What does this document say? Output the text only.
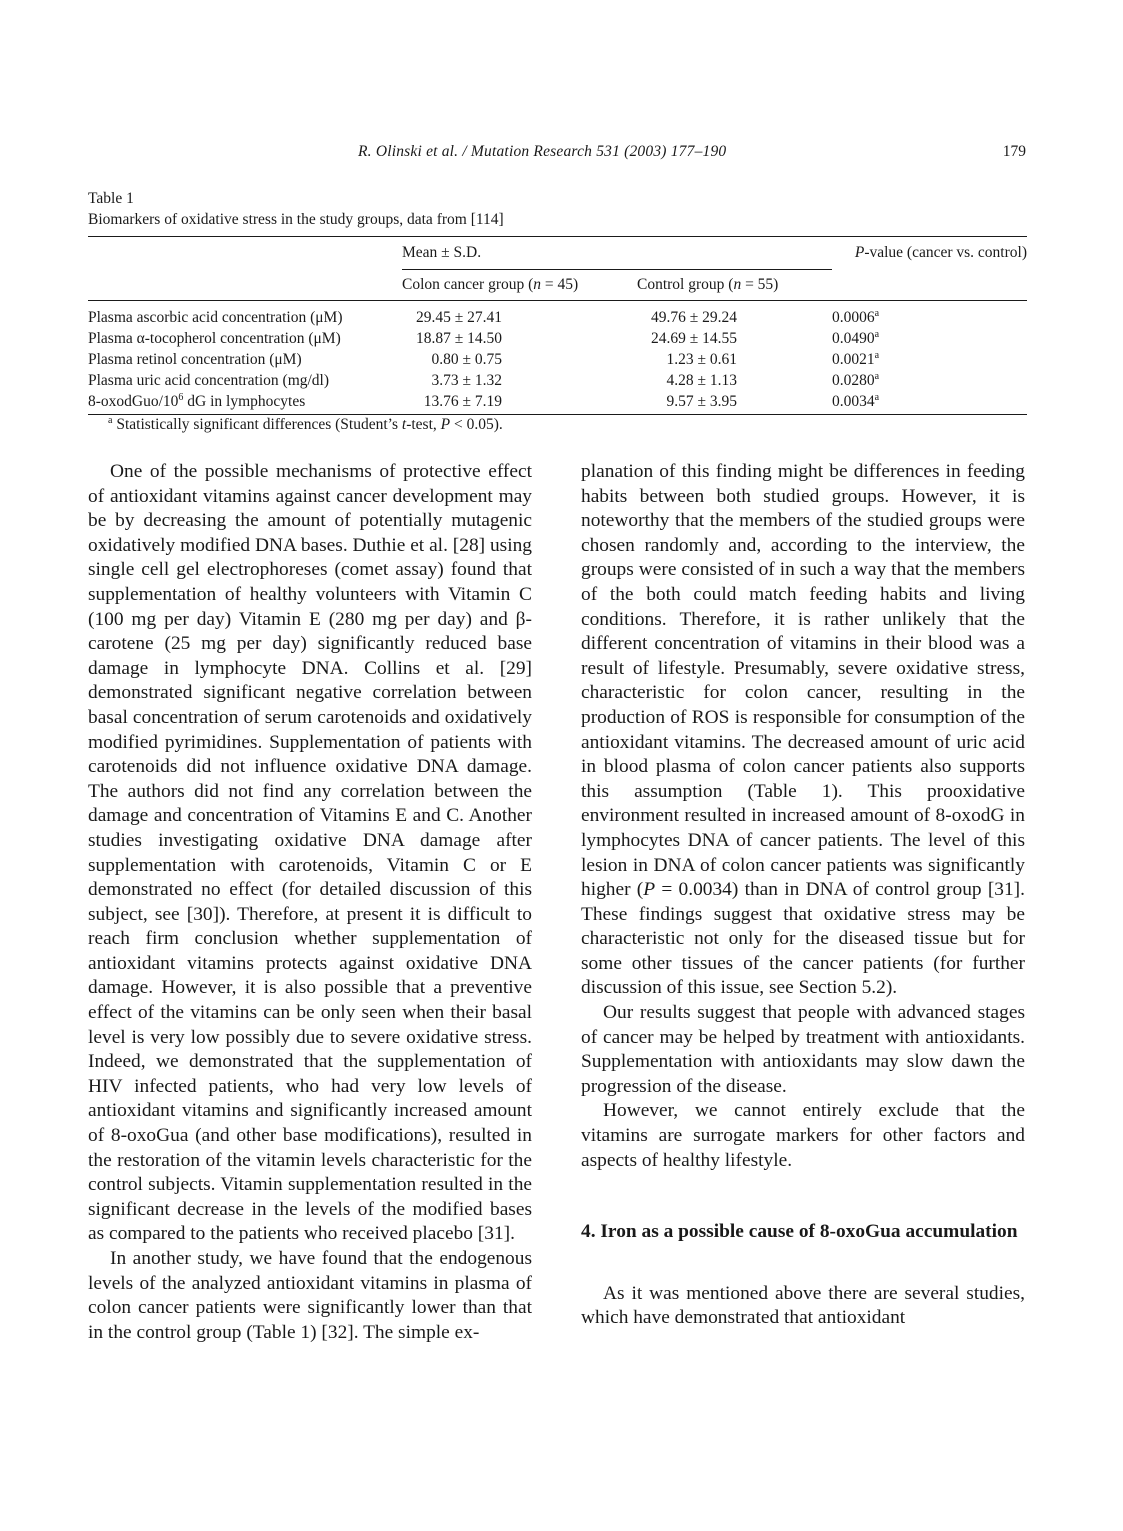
R. Olinski et al. / Mutation Research 531 (2003) 177–190	179
Table 1
Biomarkers of oxidative stress in the study groups, data from [114]
	Mean ± S.D.		P-value (cancer vs. control)
	Colon cancer group (n = 45)	Control group (n = 55)	
Plasma ascorbic acid concentration (μM)	29.45 ± 27.41	49.76 ± 29.24	0.0006$^a$
Plasma α-tocopherol concentration (μM)	18.87 ± 14.50	24.69 ± 14.55	0.0490$^a$
Plasma retinol concentration (μM)	0.80 ± 0.75	1.23 ± 0.61	0.0021$^a$
Plasma uric acid concentration (mg/dl)	3.73 ± 1.32	4.28 ± 1.13	0.0280$^a$
$8-oxodGuo/10^6$ dG in lymphocytes	13.76 ± 7.19	9.57 ± 3.95	0.0034$^a$
$^a$ Statistically significant differences (Student’s t-test, P < 0.05).

One of the possible mechanisms of protective effect of antioxidant vitamins against cancer development may be by decreasing the amount of potentially mutagenic oxidatively modified DNA bases. Duthie et al. [28] using single cell gel electrophoreses (comet assay) found that supplementation of healthy volunteers with Vitamin C (100 mg per day) Vitamin E (280 mg per day) and β-carotene (25 mg per day) significantly reduced base damage in lymphocyte DNA. Collins et al. [29] demonstrated significant negative correlation between basal concentration of serum carotenoids and oxidatively modified pyrimidines. Supplementation of patients with carotenoids did not influence oxidative DNA damage. The authors did not find any correlation between the damage and concentration of Vitamins E and C. Another studies investigating oxidative DNA damage after supplementation with carotenoids, Vitamin C or E demonstrated no effect (for detailed discussion of this subject, see [30]). Therefore, at present it is difficult to reach firm conclusion whether supplementation of antioxidant vitamins protects against oxidative DNA damage. However, it is also possible that a preventive effect of the vitamins can be only seen when their basal level is very low possibly due to severe oxidative stress. Indeed, we demonstrated that the supplementation of HIV infected patients, who had very low levels of antioxidant vitamins and significantly increased amount of 8-oxoGua (and other base modifications), resulted in the restoration of the vitamin levels characteristic for the control subjects. Vitamin supplementation resulted in the significant decrease in the levels of the modified bases as compared to the patients who received placebo [31].

In another study, we have found that the endogenous levels of the analyzed antioxidant vitamins in plasma of colon cancer patients were significantly lower than that in the control group (Table 1) [32]. The simple ex-

planation of this finding might be differences in feeding habits between both studied groups. However, it is noteworthy that the members of the studied groups were chosen randomly and, according to the interview, the groups were consisted of in such a way that the members of the both could match feeding habits and living conditions. Therefore, it is rather unlikely that the different concentration of vitamins in their blood was a result of lifestyle. Presumably, severe oxidative stress, characteristic for colon cancer, resulting in the production of ROS is responsible for consumption of the antioxidant vitamins. The decreased amount of uric acid in blood plasma of colon cancer patients also supports this assumption (Table 1). This prooxidative environment resulted in increased amount of 8-oxodG in lymphocytes DNA of cancer patients. The level of this lesion in DNA of colon cancer patients was significantly higher (P = 0.0034) than in DNA of control group [31]. These findings suggest that oxidative stress may be characteristic not only for the diseased tissue but for some other tissues of the cancer patients (for further discussion of this issue, see Section 5.2).

Our results suggest that people with advanced stages of cancer may be helped by treatment with antioxidants. Supplementation with antioxidants may slow dawn the progression of the disease.

However, we cannot entirely exclude that the vitamins are surrogate markers for other factors and aspects of healthy lifestyle.

4. Iron as a possible cause of 8-oxoGua accumulation

As it was mentioned above there are several studies, which have demonstrated that antioxidant
